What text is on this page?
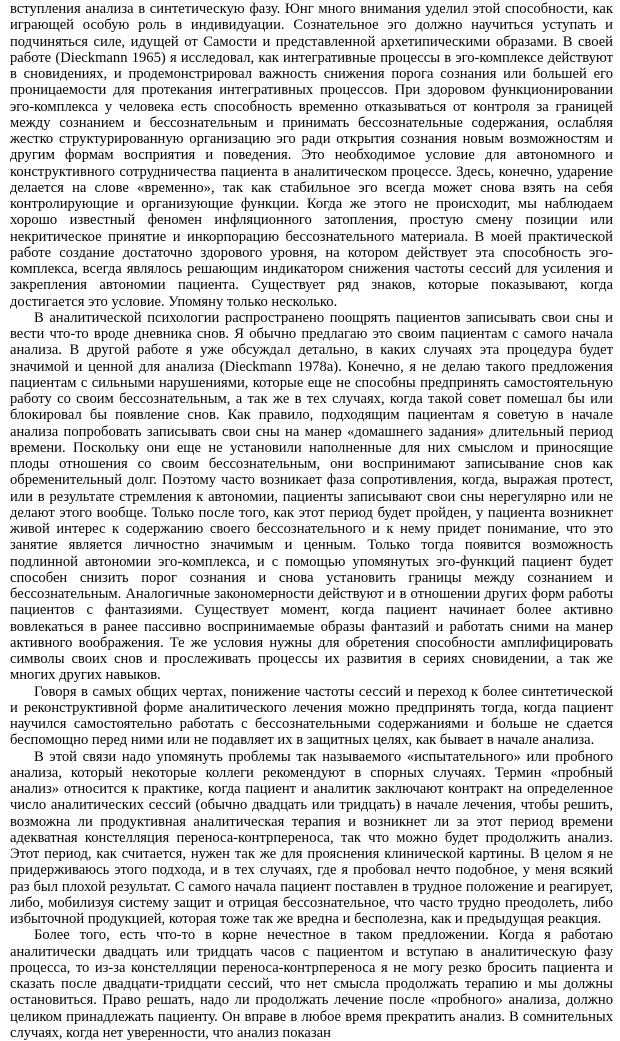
вступления анализа в синтетическую фазу. Юнг много внимания уделил этой способности, как играющей особую роль в индивидуации. Сознательное эго должно научиться уступать и подчиняться силе, идущей от Самости и представленной архетипическими образами. В своей работе (Dieckmann 1965) я исследовал, как интегративные процессы в эго-комплексе действуют в сновидениях, и продемонстрировал важность снижения порога сознания или большей его проницаемости для протекания интегративных процессов. При здоровом функционировании эго-комплекса у человека есть способность временно отказываться от контроля за границей между сознанием и бессознательным и принимать бессознательные содержания, ослабляя жестко структурированную организацию эго ради открытия сознания новым возможностям и другим формам восприятия и поведения. Это необходимое условие для автономного и конструктивного сотрудничества пациента в аналитическом процессе. Здесь, конечно, ударение делается на слове «временно», так как стабильное эго всегда может снова взять на себя контролирующие и организующие функции. Когда же этого не происходит, мы наблюдаем хорошо известный феномен инфляционного затопления, простую смену позиции или некритическое принятие и инкорпорацию бессознательного материала. В моей практической работе создание достаточно здорового уровня, на котором действует эта способность эго-комплекса, всегда являлось решающим индикатором снижения частоты сессий для усиления и закрепления автономии пациента. Существует ряд знаков, которые показывают, когда достигается это условие. Упомяну только несколько.

В аналитической психологии распространено поощрять пациентов записывать свои сны и вести что-то вроде дневника снов. Я обычно предлагаю это своим пациентам с самого начала анализа. В другой работе я уже обсуждал детально, в каких случаях эта процедура будет значимой и ценной для анализа (Dieckmann 1978a). Конечно, я не делаю такого предложения пациентам с сильными нарушениями, которые еще не способны предпринять самостоятельную работу со своим бессознательным, а так же в тех случаях, когда такой совет помешал бы или блокировал бы появление снов. Как правило, подходящим пациентам я советую в начале анализа попробовать записывать свои сны на манер «домашнего задания» длительный период времени. Поскольку они еще не установили наполненные для них смыслом и приносящие плоды отношения со своим бессознательным, они воспринимают записывание снов как обременительный долг. Поэтому часто возникает фаза сопротивления, когда, выражая протест, или в результате стремления к автономии, пациенты записывают свои сны нерегулярно или не делают этого вообще. Только после того, как этот период будет пройден, у пациента возникнет живой интерес к содержанию своего бессознательного и к нему придет понимание, что это занятие является личностно значимым и ценным. Только тогда появится возможность подлинной автономии эго-комплекса, и с помощью упомянутых эго-функций пациент будет способен снизить порог сознания и снова установить границы между сознанием и бессознательным. Аналогичные закономерности действуют и в отношении других форм работы пациентов с фантазиями. Существует момент, когда пациент начинает более активно вовлекаться в ранее пассивно воспринимаемые образы фантазий и работать сними на манер активного воображения. Те же условия нужны для обретения способности амплифицировать символы своих снов и прослеживать процессы их развития в сериях сновидении, а так же многих других навыков.

Говоря в самых общих чертах, понижение частоты сессий и переход к более синтетической и реконструктивной форме аналитического лечения можно предпринять тогда, когда пациент научился самостоятельно работать с бессознательными содержаниями и больше не сдается беспомощно перед ними или не подавляет их в защитных целях, как бывает в начале анализа.

В этой связи надо упомянуть проблемы так называемого «испытательного» или пробного анализа, который некоторые коллеги рекомендуют в спорных случаях. Термин «пробный анализ» относится к практике, когда пациент и аналитик заключают контракт на определенное число аналитических сессий (обычно двадцать или тридцать) в начале лечения, чтобы решить, возможна ли продуктивная аналитическая терапия и возникнет ли за этот период времени адекватная констелляция переноса-контрпереноса, так что можно будет продолжить анализ. Этот период, как считается, нужен так же для прояснения клинической картины. В целом я не придерживаюсь этого подхода, и в тех случаях, где я пробовал нечто подобное, у меня всякий раз был плохой результат. С самого начала пациент поставлен в трудное положение и реагирует, либо, мобилизуя систему защит и отрицая бессознательное, что часто трудно преодолеть, либо избыточной продукцией, которая тоже так же вредна и бесполезна, как и предыдущая реакция.

Более того, есть что-то в корне нечестное в таком предложении. Когда я работаю аналитически двадцать или тридцать часов с пациентом и вступаю в аналитическую фазу процесса, то из-за констелляции переноса-контрпереноса я не могу резко бросить пациента и сказать после двадцати-тридцати сессий, что нет смысла продолжать терапию и мы должны остановиться. Право решать, надо ли продолжать лечение после «пробного» анализа, должно целиком принадлежать пациенту. Он вправе в любое время прекратить анализ. В сомнительных случаях, когда нет уверенности, что анализ показан
